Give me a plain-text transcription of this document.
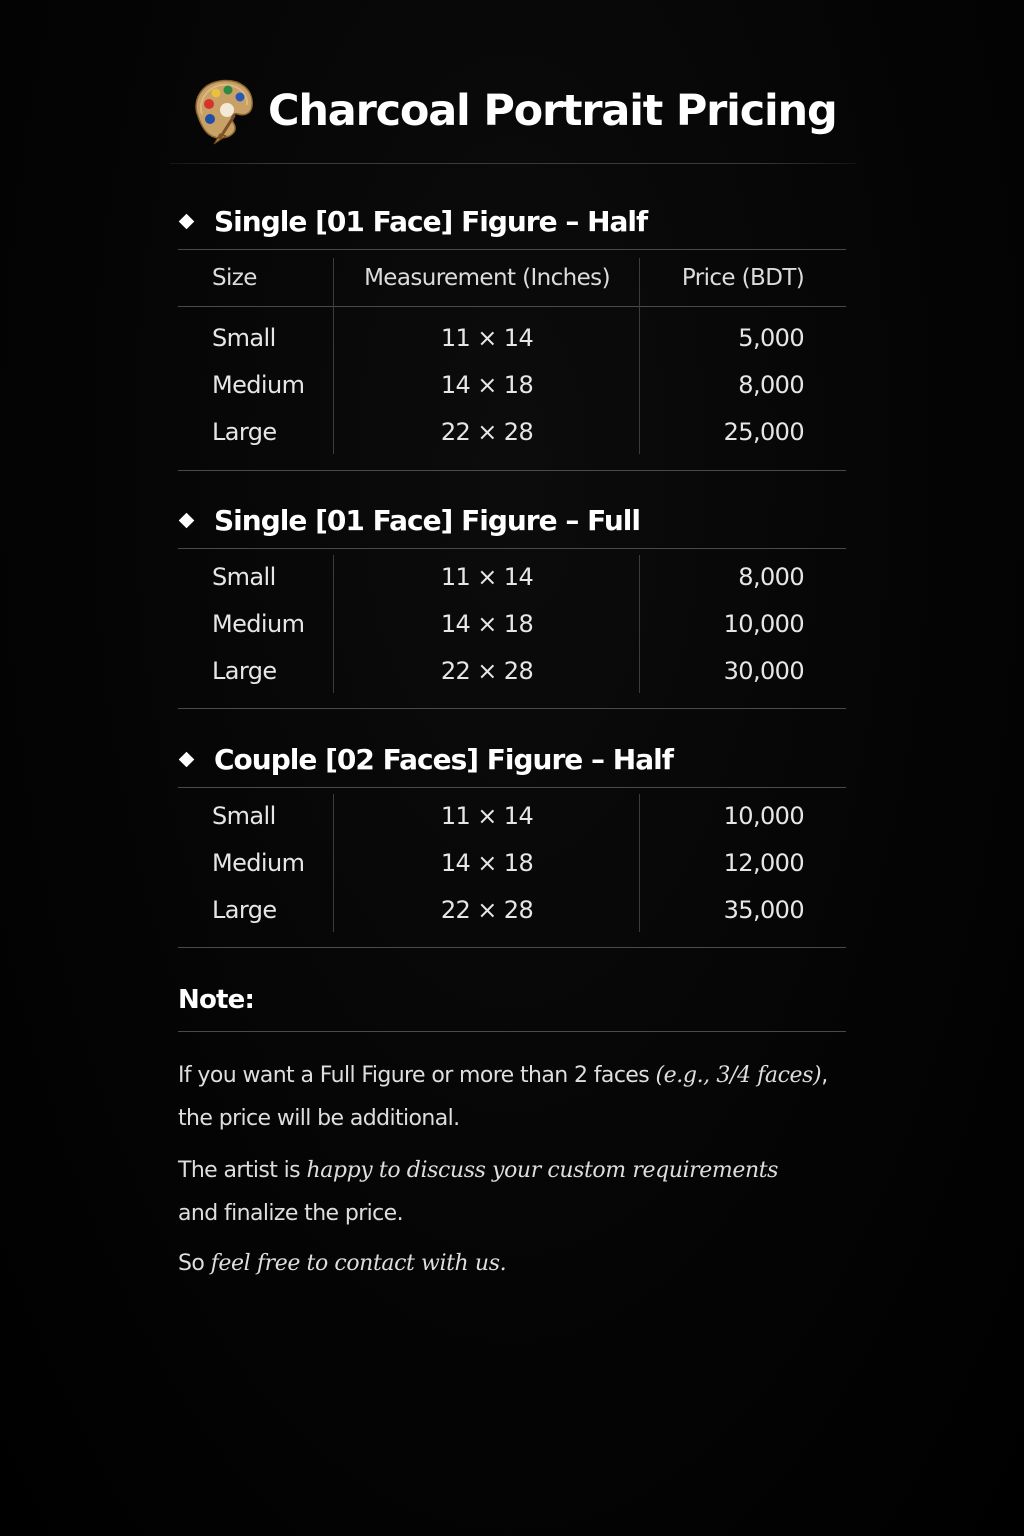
Charcoal Portrait Pricing
Single [01 Face] Figure – Half
Size	Measurement (Inches)	Price (BDT)
Small	11 × 14	5,000
Medium	14 × 18	8,000
Large	22 × 28	25,000
Single [01 Face] Figure – Full
Small	11 × 14	8,000
Medium	14 × 18	10,000
Large	22 × 28	30,000
Couple [02 Faces] Figure – Half
Small	11 × 14	10,000
Medium	14 × 18	12,000
Large	22 × 28	35,000
Note:
If you want a Full Figure or more than 2 faces (e.g., 3/4 faces),
the price will be additional.
The artist is happy to discuss your custom requirements
and finalize the price.
So feel free to contact with us.
